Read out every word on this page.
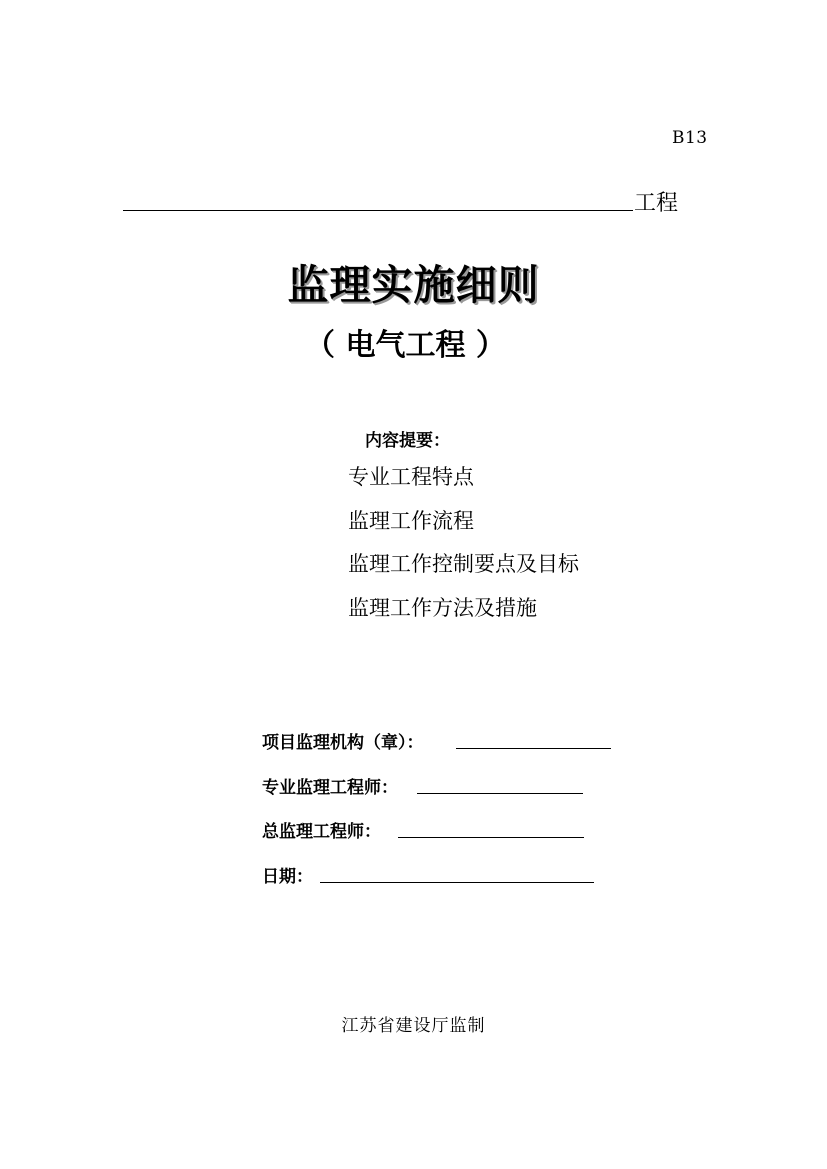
B13
工程
监理实施细则
（ 电气工程 ）
内容提要：
专业工程特点
监理工作流程
监理工作控制要点及目标
监理工作方法及措施
项目监理机构（章）：
专业监理工程师：
总监理工程师：
日期：
江苏省建设厅监制
